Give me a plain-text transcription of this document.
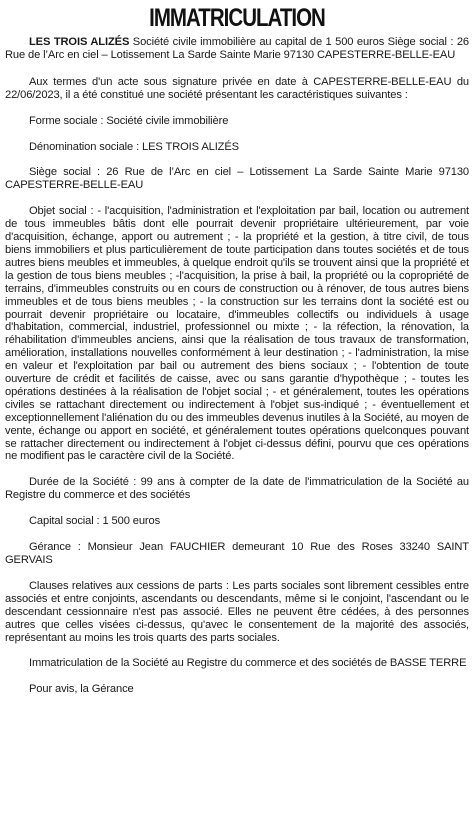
IMMATRICULATION

LES TROIS ALIZÉS Société civile immobilière au capital de 1 500 euros Siège social : 26 Rue de l’Arc en ciel – Lotissement La Sarde Sainte Marie 97130 CAPESTERRE-BELLE-EAU

Aux termes d'un acte sous signature privée en date à CAPESTERRE-BELLE-EAU du 22/06/2023, il a été constitué une société présentant les caractéristiques suivantes :

Forme sociale : Société civile immobilière

Dénomination sociale : LES TROIS ALIZÉS

Siège social : 26 Rue de l’Arc en ciel – Lotissement La Sarde Sainte Marie 97130 CAPESTERRE-BELLE-EAU

Objet social : - l'acquisition, l'administration et l'exploitation par bail, location ou autrement de tous immeubles bâtis dont elle pourrait devenir propriétaire ultérieurement, par voie d'acquisition, échange, apport ou autrement ; - la propriété et la gestion, à titre civil, de tous biens immobiliers et plus particulièrement de toute participation dans toutes sociétés et de tous autres biens meubles et immeubles, à quelque endroit qu'ils se trouvent ainsi que la propriété et la gestion de tous biens meubles ; -l'acquisition, la prise à bail, la propriété ou la copropriété de terrains, d'immeubles construits ou en cours de construction ou à rénover, de tous autres biens immeubles et de tous biens meubles ; - la construction sur les terrains dont la société est ou pourrait devenir propriétaire ou locataire, d'immeubles collectifs ou individuels à usage d'habitation, commercial, industriel, professionnel ou mixte ; - la réfection, la rénovation, la réhabilitation d'immeubles anciens, ainsi que la réalisation de tous travaux de transformation, amélioration, installations nouvelles conformément à leur destination ; - l'administration, la mise en valeur et l'exploitation par bail ou autrement des biens sociaux ; - l'obtention de toute ouverture de crédit et facilités de caisse, avec ou sans garantie d'hypothèque ; - toutes les opérations destinées à la réalisation de l'objet social ; - et généralement, toutes les opérations civiles se rattachant directement ou indirectement à l'objet sus-indiqué ; - éventuellement et exceptionnellement l'aliénation du ou des immeubles devenus inutiles à la Société, au moyen de vente, échange ou apport en société, et généralement toutes opérations quelconques pouvant se rattacher directement ou indirectement à l'objet ci-dessus défini, pourvu que ces opérations ne modifient pas le caractère civil de la Société.

Durée de la Société : 99 ans à compter de la date de l'immatriculation de la Société au Registre du commerce et des sociétés

Capital social : 1 500 euros

Gérance : Monsieur Jean FAUCHIER demeurant 10 Rue des Roses 33240 SAINT GERVAIS

Clauses relatives aux cessions de parts : Les parts sociales sont librement cessibles entre associés et entre conjoints, ascendants ou descendants, même si le conjoint, l'ascendant ou le descendant cessionnaire n'est pas associé. Elles ne peuvent être cédées, à des personnes autres que celles visées ci-dessus, qu'avec le consentement de la majorité des associés, représentant au moins les trois quarts des parts sociales.

Immatriculation de la Société au Registre du commerce et des sociétés de BASSE TERRE

Pour avis, la Gérance
